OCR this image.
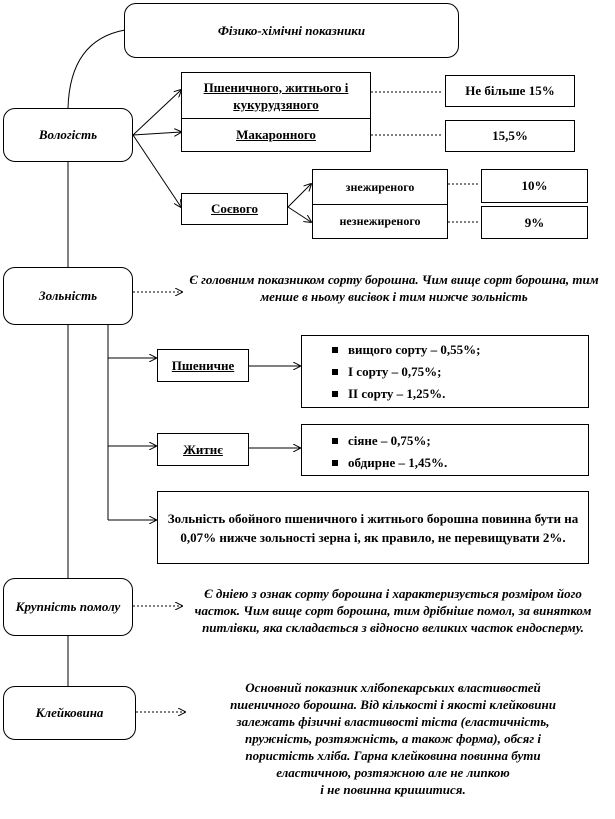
Фізико-хімічні показники
Вологість
Пшеничного, житнього і кукурудзяного
Макаронного
Не більше 15%
15,5%
Соєвого
знежиреного
незнежиреного
10%
9%
Зольність
Є головним показником сорту борошна. Чим вище сорт борошна, тим менше в ньому висівок і тим нижче зольність
Пшеничне
вищого сорту – 0,55%;
І сорту – 0,75%;
ІІ сорту – 1,25%.
Житнє
сіяне – 0,75%;
обдирне – 1,45%.
Зольність обойного пшеничного і житнього борошна повинна бути на 0,07% нижче зольності зерна і, як правило, не перевищувати 2%.
Крупність помолу
Є дніею з ознак сорту борошна і характеризується розміром його часток. Чим вище сорт борошна, тим дрібніше помол, за винятком питлівки, яка складається з відносно великих часток ендосперму.
Клейковина
Основний показник хлібопекарських властивостей
пшеничного борошна. Від кількості і якості клейковини
залежать фізичні властивості тіста (еластичність,
пружність, розтяжність, а також форма), обсяг і
пористість хліба. Гарна клейковина повинна бути
еластичною, розтяжною але не липкою
і не повинна кришитися.
